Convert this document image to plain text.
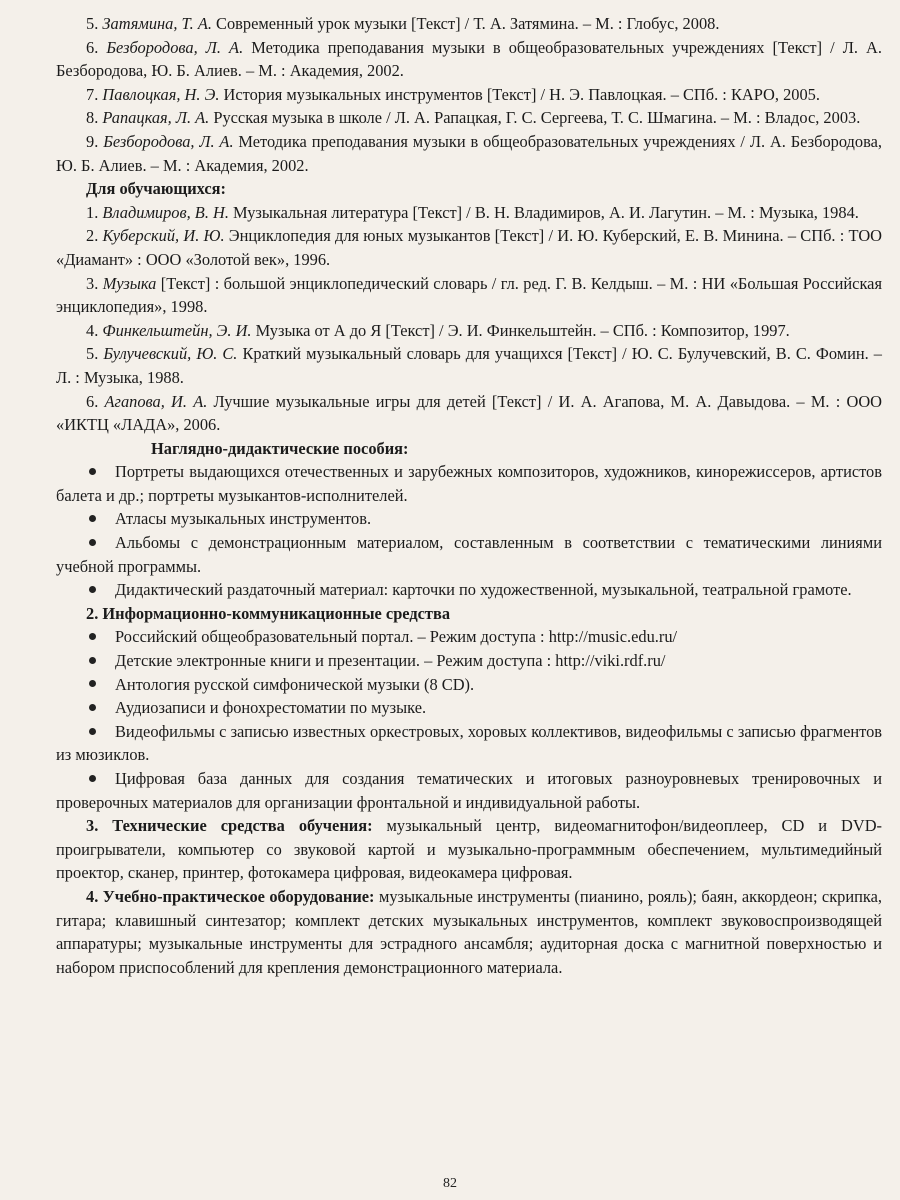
5. Затямина, Т. А. Современный урок музыки [Текст] / Т. А. Затямина. – М. : Глобус, 2008.

6. Безбородова, Л. А. Методика преподавания музыки в общеобразовательных учреждениях [Текст] / Л. А. Безбородова, Ю. Б. Алиев. – М. : Академия, 2002.

7. Павлоцкая, Н. Э. История музыкальных инструментов [Текст] / Н. Э. Павлоцкая. – СПб. : КАРО, 2005.

8. Рапацкая, Л. А. Русская музыка в школе / Л. А. Рапацкая, Г. С. Сергеева, Т. С. Шмагина. – М. : Владос, 2003.

9. Безбородова, Л. А. Методика преподавания музыки в общеобразовательных учреждениях / Л. А. Безбородова, Ю. Б. Алиев. – М. : Академия, 2002.

Для обучающихся:

1. Владимиров, В. Н. Музыкальная литература [Текст] / В. Н. Владимиров, А. И. Лагутин. – М. : Музыка, 1984.

2. Куберский, И. Ю. Энциклопедия для юных музыкантов [Текст] / И. Ю. Куберский, Е. В. Минина. – СПб. : ТОО «Диамант» : ООО «Золотой век», 1996.

3. Музыка [Текст] : большой энциклопедический словарь / гл. ред. Г. В. Келдыш. – М. : НИ «Большая Российская энциклопедия», 1998.

4. Финкельштейн, Э. И. Музыка от А до Я [Текст] / Э. И. Финкельштейн. – СПб. : Композитор, 1997.

5. Булучевский, Ю. С. Краткий музыкальный словарь для учащихся [Текст] / Ю. С. Булучевский, В. С. Фомин. – Л. : Музыка, 1988.

6. Агапова, И. А. Лучшие музыкальные игры для детей [Текст] / И. А. Агапова, М. А. Давыдова. – М. : ООО «ИКТЦ «ЛАДА», 2006.

Наглядно-дидактические пособия:

Портреты выдающихся отечественных и зарубежных композиторов, художников, кинорежиссеров, артистов балета и др.; портреты музыкантов-исполнителей.

Атласы музыкальных инструментов.

Альбомы с демонстрационным материалом, составленным в соответствии с тематическими линиями учебной программы.

Дидактический раздаточный материал: карточки по художественной, музыкальной, театральной грамоте.

2. Информационно-коммуникационные средства

Российский общеобразовательный портал. – Режим доступа : http://music.edu.ru/

Детские электронные книги и презентации. – Режим доступа : http://viki.rdf.ru/

Антология русской симфонической музыки (8 CD).

Аудиозаписи и фонохрестоматии по музыке.

Видеофильмы с записью известных оркестровых, хоровых коллективов, видеофильмы с записью фрагментов из мюзиклов.

Цифровая база данных для создания тематических и итоговых разноуровневых тренировочных и проверочных материалов для организации фронтальной и индивидуальной работы.

3. Технические средства обучения: музыкальный центр, видеомагнитофон/видеоплеер, CD и DVD-проигрыватели, компьютер со звуковой картой и музыкально-программным обеспечением, мультимедийный проектор, сканер, принтер, фотокамера цифровая, видеокамера цифровая.

4. Учебно-практическое оборудование: музыкальные инструменты (пианино, рояль); баян, аккордеон; скрипка, гитара; клавишный синтезатор; комплект детских музыкальных инструментов, комплект звуковоспроизводящей аппаратуры; музыкальные инструменты для эстрадного ансамбля; аудиторная доска с магнитной поверхностью и набором приспособлений для крепления демонстрационного материала.

82
